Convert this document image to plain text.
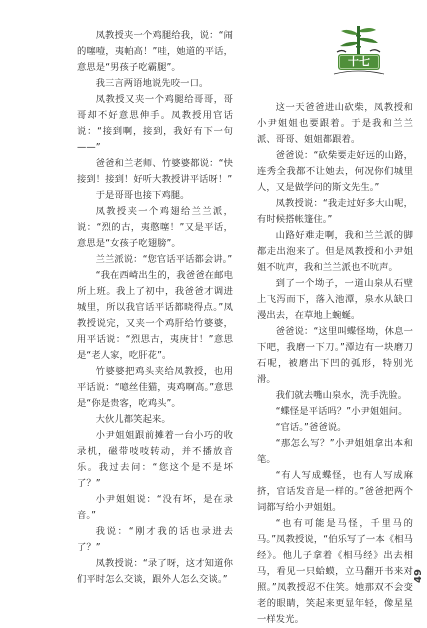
十七

凤教授夹一个鸡腿给我，说：“闹的噻噎，夷帕高！”哇，她道的平话，意思是“男孩子吃霸腿”。

我三言两语地说先咬一口。

凤教授又夹一个鸡腿给哥哥，哥哥却不好意思伸手。凤教授用官话说：“接到啊，接到，我好有下一句——”

爸爸和兰老师、竹婆婆都说：“快接到！接到！好听大教授讲平话呀！”

于是哥哥也接下鸡腿。

凤教授夹一个鸡翅给兰兰派，说：“烈的古，夷憨噻！”又是平话，意思是“女孩子吃翅膀”。

兰兰派说：“您官话平话都会讲。”

“我在西崎出生的，我爸爸在邮电所上班。我上了初中，我爸爸才调进城里，所以我官话平话都晓得点。”凤教授说完，又夹一个鸡肝给竹婆婆，用平话说：“烈思古，夷庚甘！”意思是“老人家，吃肝花”。

竹婆婆把鸡头夹给凤教授，也用平话说：“噫丝佳猫，夷鸡啊高。”意思是“你是贵客，吃鸡头”。

大伙儿都笑起来。

小尹姐姐跟前摊着一台小巧的收录机，磁带吱吱转动，并不播放音乐。我过去问：“您这个是不是坏了？”

小尹姐姐说：“没有坏，是在录音。”

我说：“刚才我的话也录进去了？”

凤教授说：“录了呀，这才知道你们平时怎么交谈，跟外人怎么交谈。”

这一天爸爸进山砍柴，凤教授和小尹姐姐也要跟着。于是我和兰兰派、哥哥、姐姐都跟着。

爸爸说：“砍柴要走好远的山路，连秀全我都不让她去，何况你们城里人，又是做学问的斯文先生。”

凤教授说：“我走过好多大山呢，有时候搭帐篷住。”

山路好难走啊，我和兰兰派的脚都走出泡来了。但是凤教授和小尹姐姐不吭声，我和兰兰派也不吭声。

到了一个坳子，一道山泉从石壁上飞泻而下，落入池潭，泉水从缺口漫出去，在草地上蜿蜒。

爸爸说：“这里叫蝶怪坳，休息一下吧，我磨一下刀。”潭边有一块磨刀石呢，被磨出下凹的弧形，特别光滑。

我们就去嘴山泉水，洗手洗脸。

“蝶怪是平话吗？”小尹姐姐问。

“官话。”爸爸说。

“那怎么写？”小尹姐姐拿出本和笔。

“有人写成蝶怪，也有人写成麻挤，官话发音是一样的。”爸爸把两个词都写给小尹姐姐。

“也有可能是马怪，千里马的马。”凤教授说，“伯乐写了一本《相马经》。他儿子拿着《相马经》出去相马，看见一只蛤蟆，立马翻开书来对照。”凤教授忍不住笑。她那双不会变老的眼睛，笑起来更显年轻，像星星一样发光。

49
